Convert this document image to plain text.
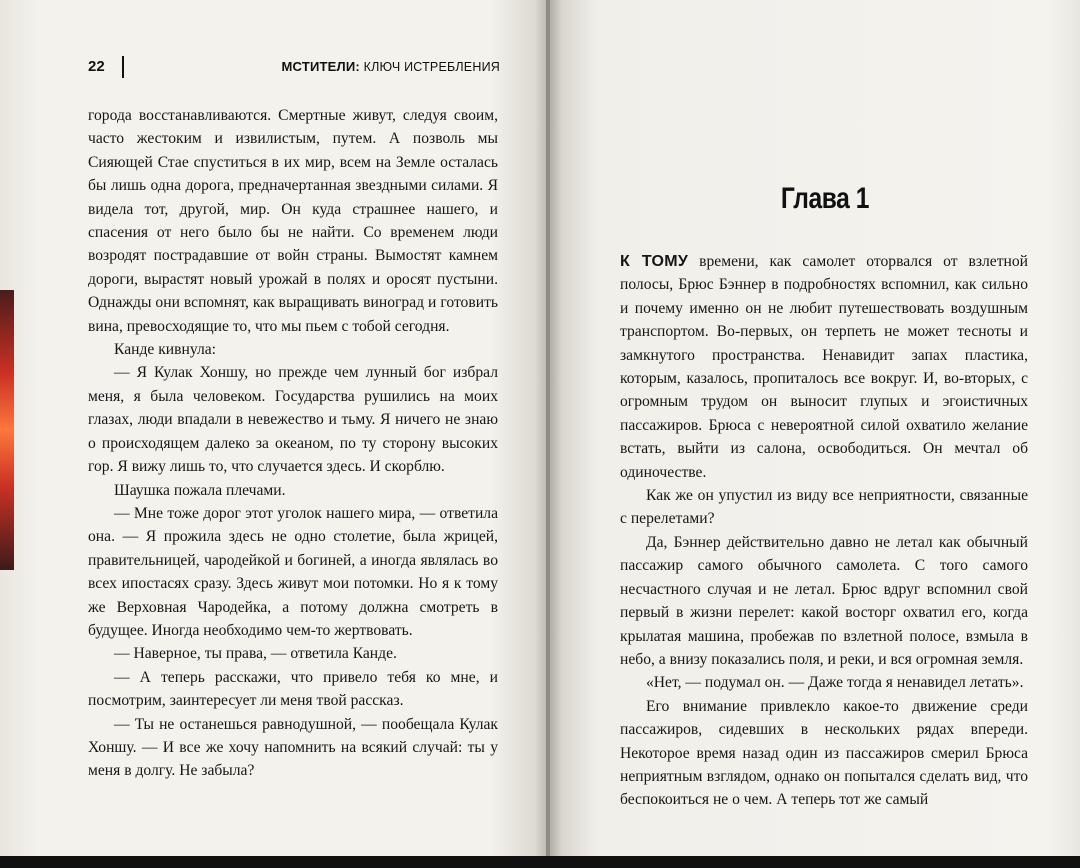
22	МСТИТЕЛИ: КЛЮЧ ИСТРЕБЛЕНИЯ

города восстанавливаются. Смертные живут, следуя своим, часто жестоким и извилистым, путем. А позволь мы Сияющей Стае спуститься в их мир, всем на Земле осталась бы лишь одна дорога, предначертанная звездными силами. Я видела тот, другой, мир. Он куда страшнее нашего, и спасения от него было бы не найти. Со временем люди возродят пострадавшие от войн страны. Вымостят камнем дороги, вырастят новый урожай в полях и оросят пустыни. Однажды они вспомнят, как выращивать виноград и готовить вина, превосходящие то, что мы пьем с тобой сегодня.

Канде кивнула:

— Я Кулак Хоншу, но прежде чем лунный бог избрал меня, я была человеком. Государства рушились на моих глазах, люди впадали в невежество и тьму. Я ничего не знаю о происходящем далеко за океаном, по ту сторону высоких гор. Я вижу лишь то, что случается здесь. И скорблю.

Шаушка пожала плечами.

— Мне тоже дорог этот уголок нашего мира, — ответила она. — Я прожила здесь не одно столетие, была жрицей, правительницей, чародейкой и богиней, а иногда являлась во всех ипостасях сразу. Здесь живут мои потомки. Но я к тому же Верховная Чародейка, а потому должна смотреть в будущее. Иногда необходимо чем-то жертвовать.

— Наверное, ты права, — ответила Канде.

— А теперь расскажи, что привело тебя ко мне, и посмотрим, заинтересует ли меня твой рассказ.

— Ты не останешься равнодушной, — пообещала Кулак Хоншу. — И все же хочу напомнить на всякий случай: ты у меня в долгу. Не забыла?

Глава 1

К ТОМУ времени, как самолет оторвался от взлетной полосы, Брюс Бэннер в подробностях вспомнил, как сильно и почему именно он не любит путешествовать воздушным транспортом. Во-первых, он терпеть не может тесноты и замкнутого пространства. Ненавидит запах пластика, которым, казалось, пропиталось все вокруг. И, во-вторых, с огромным трудом он выносит глупых и эгоистичных пассажиров. Брюса с невероятной силой охватило желание встать, выйти из салона, освободиться. Он мечтал об одиночестве.

Как же он упустил из виду все неприятности, связанные с перелетами?

Да, Бэннер действительно давно не летал как обычный пассажир самого обычного самолета. С того самого несчастного случая и не летал. Брюс вдруг вспомнил свой первый в жизни перелет: какой восторг охватил его, когда крылатая машина, пробежав по взлетной полосе, взмыла в небо, а внизу показались поля, и реки, и вся огромная земля.

«Нет, — подумал он. — Даже тогда я ненавидел летать».

Его внимание привлекло какое-то движение среди пассажиров, сидевших в нескольких рядах впереди. Некоторое время назад один из пассажиров смерил Брюса неприятным взглядом, однако он попытался сделать вид, что беспокоиться не о чем. А теперь тот же самый
